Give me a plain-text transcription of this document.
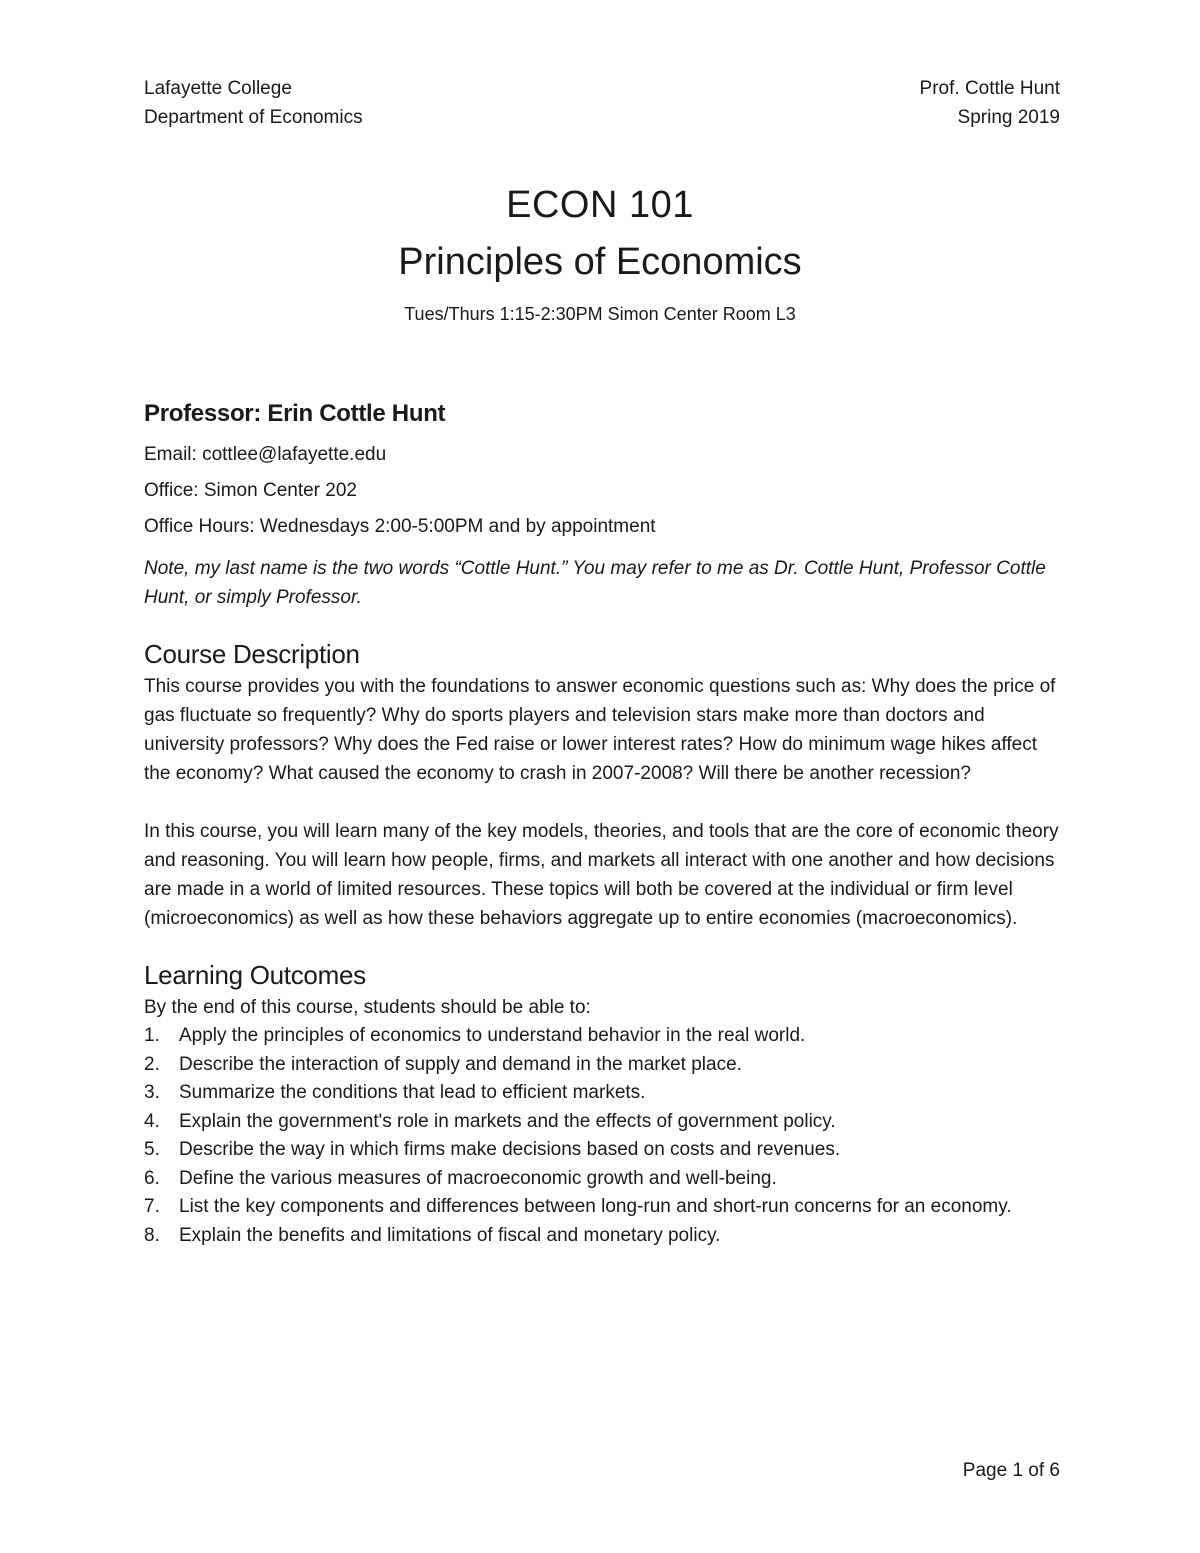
Lafayette College
Department of Economics
Prof. Cottle Hunt
Spring 2019
ECON 101
Principles of Economics
Tues/Thurs 1:15-2:30PM Simon Center Room L3
Professor: Erin Cottle Hunt
Email: cottlee@lafayette.edu
Office: Simon Center 202
Office Hours: Wednesdays 2:00-5:00PM and by appointment
Note, my last name is the two words “Cottle Hunt.” You may refer to me as Dr. Cottle Hunt, Professor Cottle Hunt, or simply Professor.
Course Description

This course provides you with the foundations to answer economic questions such as: Why does the price of gas fluctuate so frequently? Why do sports players and television stars make more than doctors and university professors? Why does the Fed raise or lower interest rates? How do minimum wage hikes affect the economy? What caused the economy to crash in 2007-2008? Will there be another recession?

In this course, you will learn many of the key models, theories, and tools that are the core of economic theory and reasoning. You will learn how people, firms, and markets all interact with one another and how decisions are made in a world of limited resources. These topics will both be covered at the individual or firm level (microeconomics) as well as how these behaviors aggregate up to entire economies (macroeconomics).

Learning Outcomes
By the end of this course, students should be able to:
1. Apply the principles of economics to understand behavior in the real world.
2. Describe the interaction of supply and demand in the market place.
3. Summarize the conditions that lead to efficient markets.
4. Explain the government's role in markets and the effects of government policy.
5. Describe the way in which firms make decisions based on costs and revenues.
6. Define the various measures of macroeconomic growth and well-being.
7. List the key components and differences between long-run and short-run concerns for an economy.
8. Explain the benefits and limitations of fiscal and monetary policy.
Page 1 of 6
